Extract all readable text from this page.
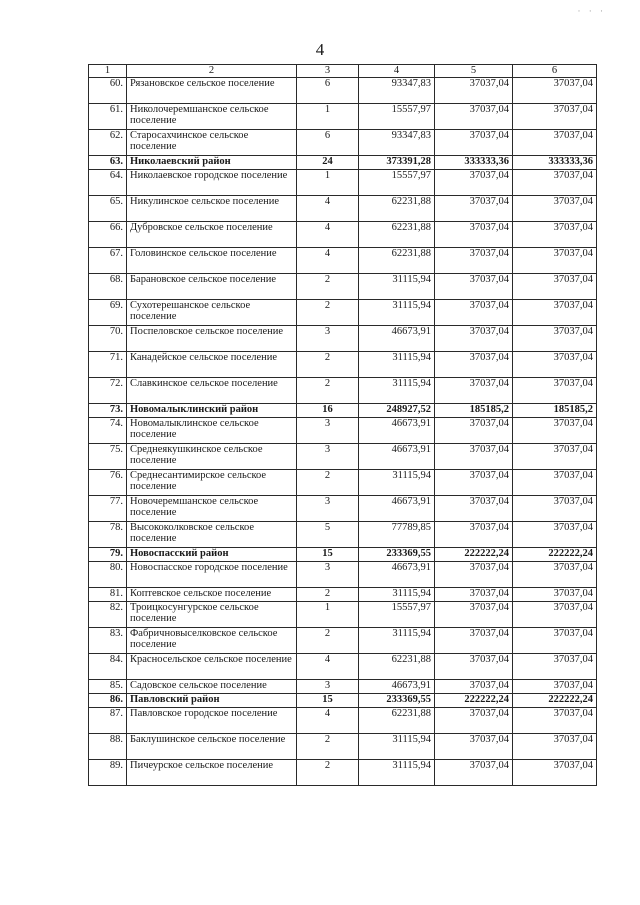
· · ·
4
1	2	3	4	5	6
60.	Рязановское сельское поселение	6	93347,83	37037,04	37037,04
61.	Николочеремшанское сельское поселение	1	15557,97	37037,04	37037,04
62.	Старосахчинское сельское поселение	6	93347,83	37037,04	37037,04
63.	Николаевский район	24	373391,28	333333,36	333333,36
64.	Николаевское городское поселение	1	15557,97	37037,04	37037,04
65.	Никулинское сельское поселение	4	62231,88	37037,04	37037,04
66.	Дубровское сельское поселение	4	62231,88	37037,04	37037,04
67.	Головинское сельское поселение	4	62231,88	37037,04	37037,04
68.	Барановское сельское поселение	2	31115,94	37037,04	37037,04
69.	Сухотерешанское сельское поселение	2	31115,94	37037,04	37037,04
70.	Поспеловское сельское поселение	3	46673,91	37037,04	37037,04
71.	Канадейское сельское поселение	2	31115,94	37037,04	37037,04
72.	Славкинское сельское поселение	2	31115,94	37037,04	37037,04
73.	Новомалыклинский район	16	248927,52	185185,2	185185,2
74.	Новомалыклинское сельское поселение	3	46673,91	37037,04	37037,04
75.	Среднеякушкинское сельское поселение	3	46673,91	37037,04	37037,04
76.	Среднесантимирское сельское поселение	2	31115,94	37037,04	37037,04
77.	Новочеремшанское сельское поселение	3	46673,91	37037,04	37037,04
78.	Высококолковское сельское поселение	5	77789,85	37037,04	37037,04
79.	Новоспасский район	15	233369,55	222222,24	222222,24
80.	Новоспасское городское поселение	3	46673,91	37037,04	37037,04
81.	Коптевское сельское поселение	2	31115,94	37037,04	37037,04
82.	Троицкосунгурское сельское поселение	1	15557,97	37037,04	37037,04
83.	Фабричновыселковское сельское поселение	2	31115,94	37037,04	37037,04
84.	Красносельское сельское поселение	4	62231,88	37037,04	37037,04
85.	Садовское сельское поселение	3	46673,91	37037,04	37037,04
86.	Павловский район	15	233369,55	222222,24	222222,24
87.	Павловское городское поселение	4	62231,88	37037,04	37037,04
88.	Баклушинское сельское поселение	2	31115,94	37037,04	37037,04
89.	Пичеурское сельское поселение	2	31115,94	37037,04	37037,04
